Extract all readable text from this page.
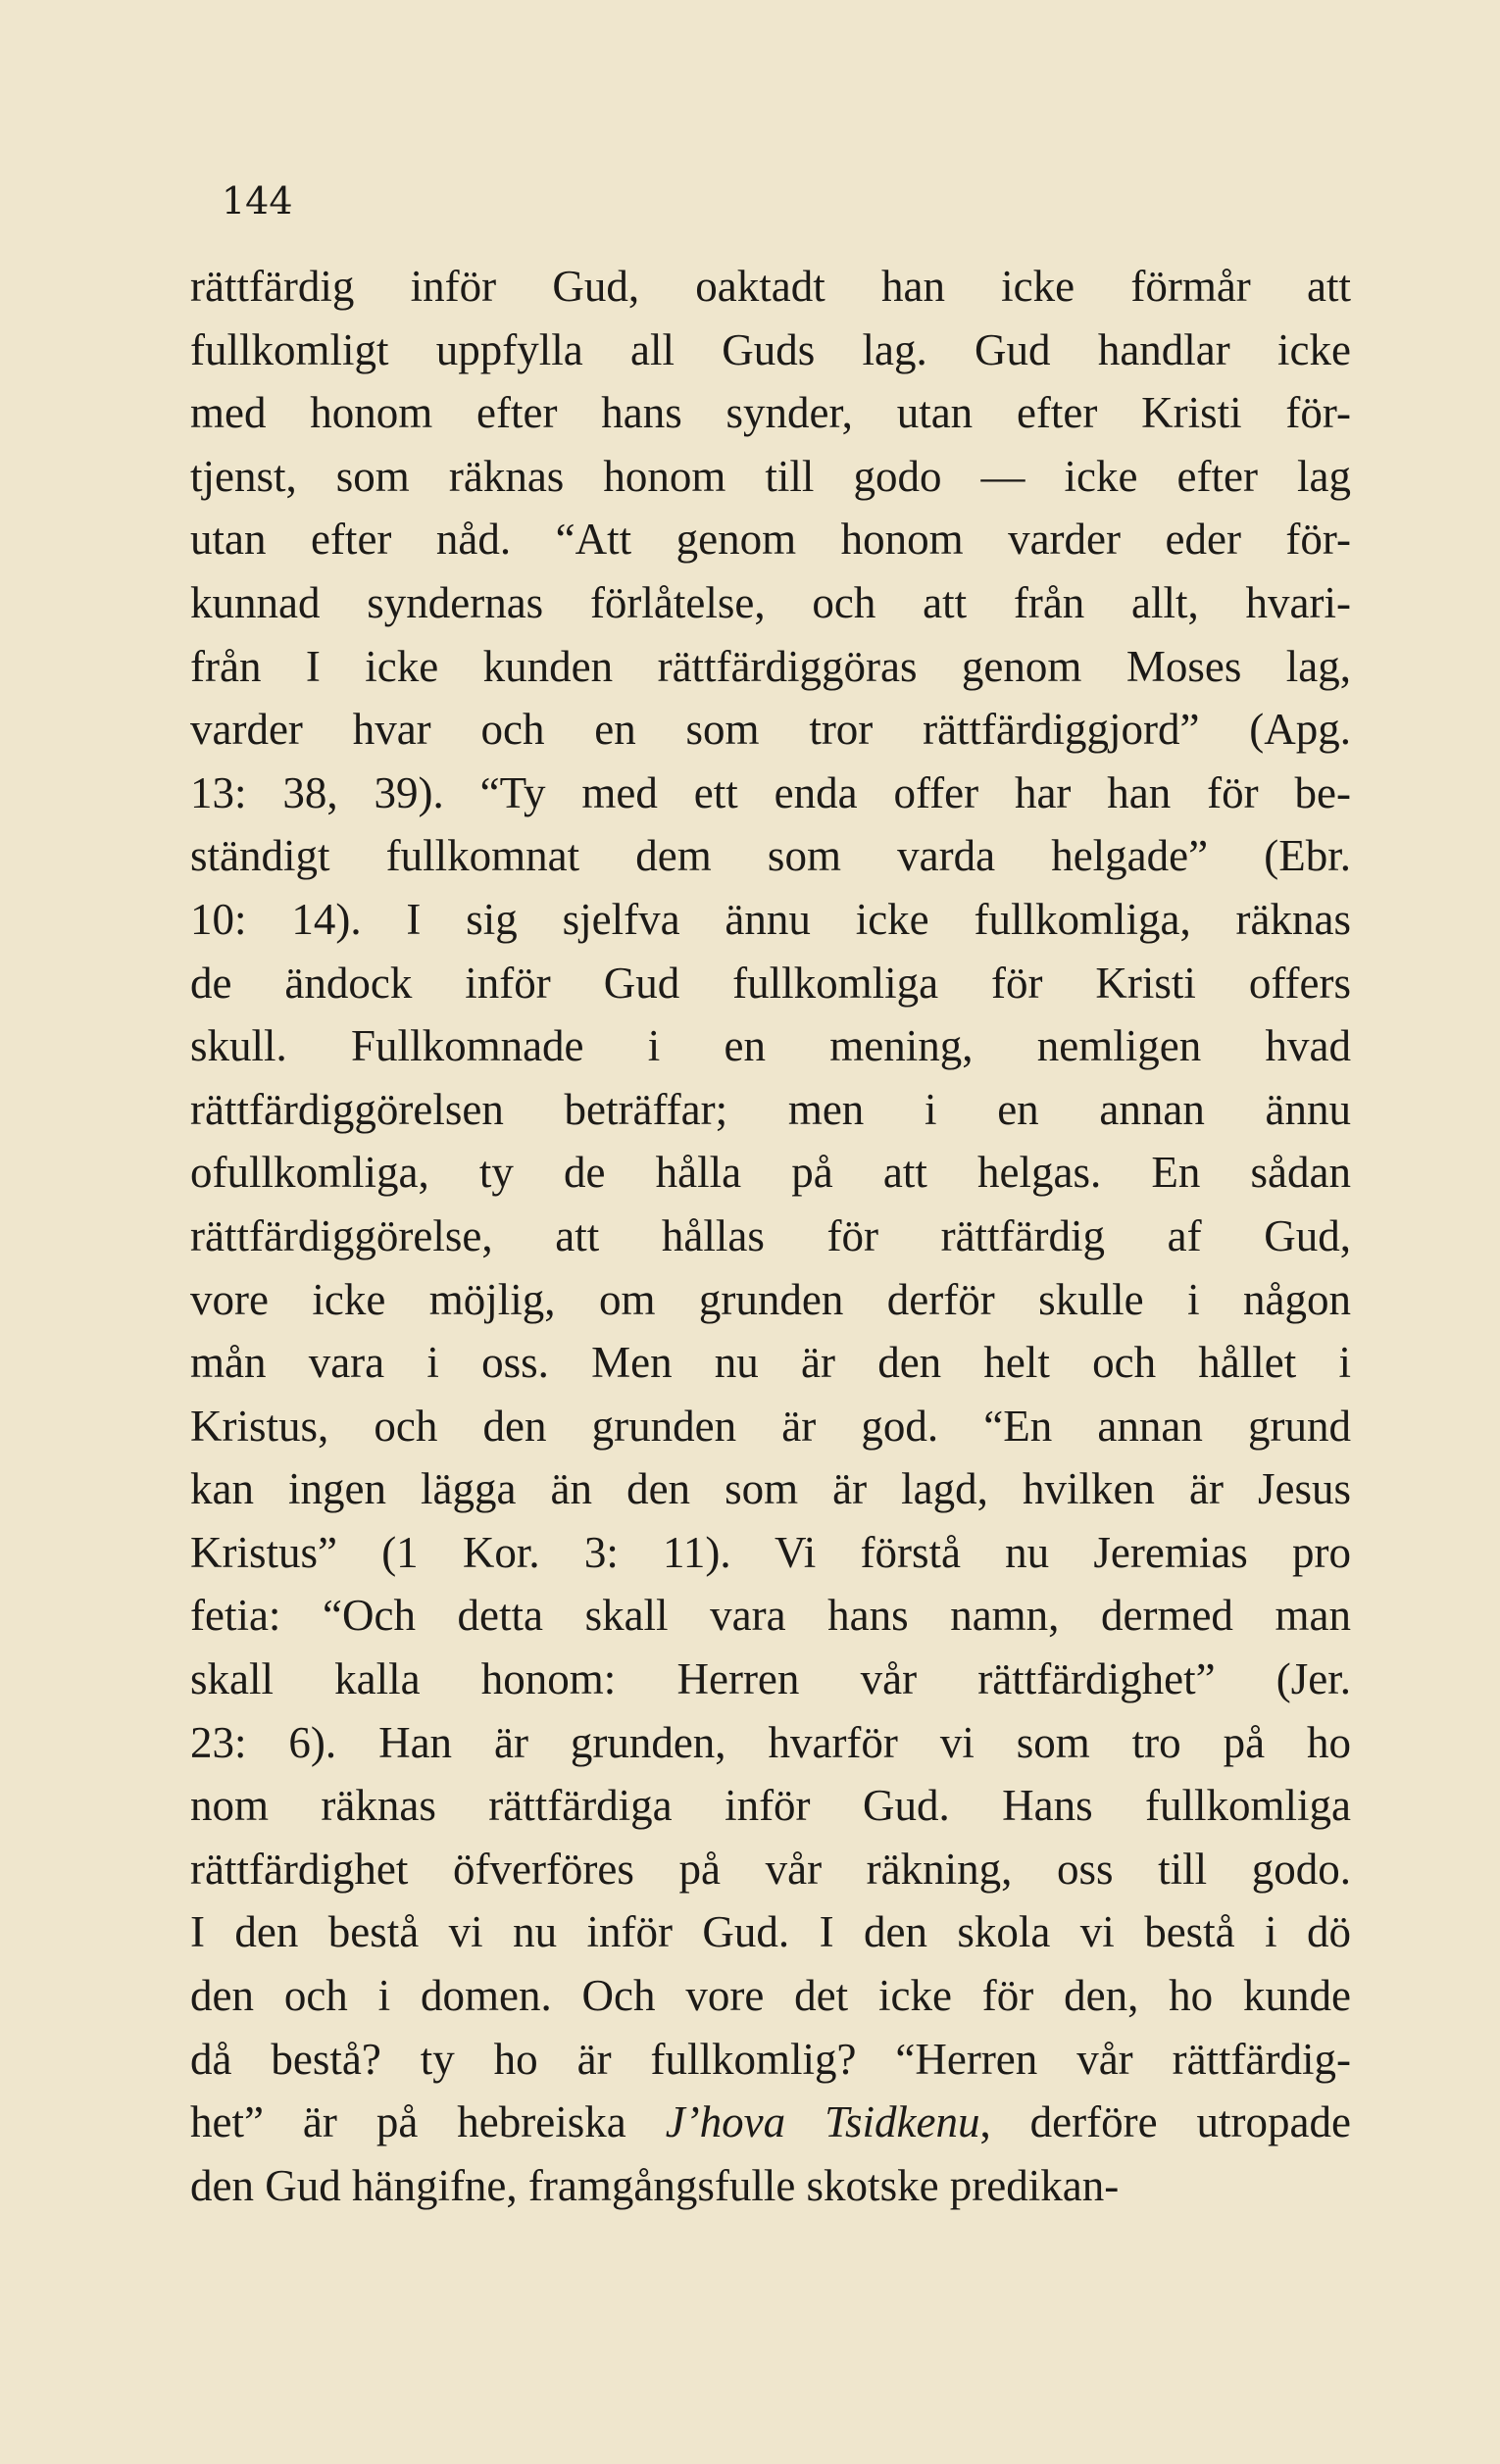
144
rättfärdig inför Gud, oaktadt han icke förmår att
fullkomligt uppfylla all Guds lag. Gud handlar icke
med honom efter hans synder, utan efter Kristi för-
tjenst, som räknas honom till godo — icke efter lag
utan efter nåd. “Att genom honom varder eder för-
kunnad syndernas förlåtelse, och att från allt, hvari-
från I icke kunden rättfärdiggöras genom Moses lag,
varder hvar och en som tror rättfärdiggjord” (Apg.
13: 38, 39). “Ty med ett enda offer har han för be-
ständigt fullkomnat dem som varda helgade” (Ebr.
10: 14). I sig sjelfva ännu icke fullkomliga, räknas
de ändock inför Gud fullkomliga för Kristi offers
skull. Fullkomnade i en mening, nemligen hvad
rättfärdiggörelsen beträffar; men i en annan ännu
ofullkomliga, ty de hålla på att helgas. En sådan
rättfärdiggörelse, att hållas för rättfärdig af Gud,
vore icke möjlig, om grunden derför skulle i någon
mån vara i oss. Men nu är den helt och hållet i
Kristus, och den grunden är god. “En annan grund
kan ingen lägga än den som är lagd, hvilken är Jesus
Kristus” (1 Kor. 3: 11). Vi förstå nu Jeremias pro
fetia: “Och detta skall vara hans namn, dermed man
skall kalla honom: Herren vår rättfärdighet” (Jer.
23: 6). Han är grunden, hvarför vi som tro på ho
nom räknas rättfärdiga inför Gud. Hans fullkomliga
rättfärdighet öfverföres på vår räkning, oss till godo.
I den bestå vi nu inför Gud. I den skola vi bestå i dö
den och i domen. Och vore det icke för den, ho kunde
då bestå? ty ho är fullkomlig? “Herren vår rättfärdig-
het” är på hebreiska J’hova Tsidkenu, derföre utropade
den Gud hängifne, framgångsfulle skotske predikan-
